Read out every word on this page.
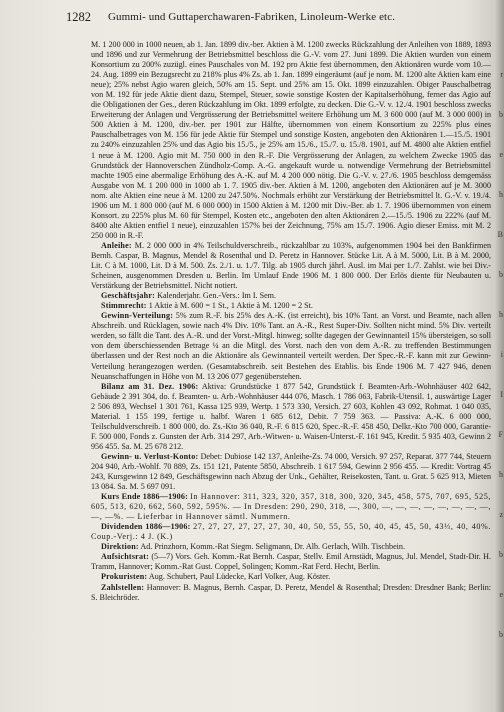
1282 Gummi- und Guttaperchawaren-Fabriken, Linoleum-Werke etc.

M. 1 200 000 in 1000 neuen, ab 1. Jan. 1899 div.-ber. Aktien à M. 1200 zwecks Rückzahlung der Anleihen von 1889, 1893 und 1896 und zur Vermehrung der Betriebsmittel beschloss die G.-V. vom 27. Juni 1899. Die Aktien wurden von einem Konsortium zu 200% zuzügl. eines Pauschales von M. 192 pro Aktie fest übernommen, den Aktionären wurde vom 10.—24. Aug. 1899 ein Bezugsrecht zu 218% plus 4% Zs. ab 1. Jan. 1899 eingeräumt (auf je nom. M. 1200 alte Aktien kam eine neue); 25% nebst Agio waren gleich, 50% am 15. Sept. und 25% am 15. Okt. 1899 einzuzahlen. Obiger Pauschalbetrag von M. 192 für jede Aktie dient dazu, Stempel, Steuer, sowie sonstige Kosten der Kapitalserhöhung, ferner das Agio auf die Obligationen der Ges., deren Rückzahlung im Okt. 1899 erfolgte, zu decken. Die G.-V. v. 12./4. 1901 beschloss zwecks Erweiterung der Anlagen und Vergrösserung der Betriebsmittel weitere Erhöhung um M. 3 600 000 (auf M. 3 000 000) in 500 Aktien à M. 1200, div.-ber. per 1901 zur Hälfte, übernommen von einem Konsortium zu 225% plus eines Pauschalbetrages von M. 156 für jede Aktie für Stempel und sonstige Kosten, angeboten den Aktionären 1.—15./5. 1901 zu 240% einzuzahlen 25% und das Agio bis 15./5., je 25% am 15./6., 15./7. u. 15./8. 1901, auf M. 4800 alte Aktien entfiel 1 neue à M. 1200. Agio mit M. 750 000 in den R.-F. Die Vergrösserung der Anlagen, zu welchem Zwecke 1905 das Grundstück der Hannoverschen Zündholz-Comp. A.-G. angekauft wurde u. notwendige Vermehrung der Betriebsmittel machte 1905 eine abermalige Erhöhung des A.-K. auf M. 4 200 000 nötig. Die G.-V. v. 27./6. 1905 beschloss demgemäss Ausgabe von M. 1 200 000 in 1000 ab 1. 7. 1905 div.-ber. Aktien à M. 1200, angeboten den Aktionären auf je M. 3000 nom. alte Aktien eine neue à M. 1200 zu 247.50%. Nochmals erhöht zur Verstärkung der Betriebsmittel lt. G.-V. v. 19./4. 1906 um M. 1 800 000 (auf M. 6 000 000) in 1500 Aktien à M. 1200 mit Div.-Ber. ab 1. 7. 1906 übernommen von einem Konsort. zu 225% plus M. 60 für Stempel, Kosten etc., angeboten den alten Aktionären 2.—15./5. 1906 zu 222% (auf M. 8400 alte Aktien entfiel 1 neue), einzuzahlen 157% bei der Zeichnung, 75% am 15./7. 1906. Agio dieser Emiss. mit M. 2 250 000 in R.-F.

Anleihe: M. 2 000 000 in 4% Teilschuldverschreib., rückzahlbar zu 103%, aufgenommen 1904 bei den Bankfirmen Bernh. Caspar, B. Magnus, Mendel & Rosenthal und D. Peretz in Hannover. Stücke Lit. A à M. 5000, Lit. B à M. 2000, Lit. C à M. 1000, Lit. D à M. 500. Zs. 2./1. u. 1./7. Tilg. ab 1905 durch jährl. Ausl. im Mai per 1./7. Zahlst. wie bei Div.-Scheinen, ausgenommen Dresden u. Berlin. Im Umlauf Ende 1906 M. 1 800 000. Der Erlös diente für Neubauten u. Verstärkung der Betriebsmittel. Nicht notiert.

Geschäftsjahr: Kalenderjahr. Gen.-Vers.: Im I. Sem.

Stimmrecht: 1 Aktie à M. 600 = 1 St., 1 Aktie à M. 1200 = 2 St.

Gewinn-Verteilung: 5% zum R.-F. bis 25% des A.-K. (ist erreicht), bis 10% Tant. an Vorst. und Beamte, nach allen Abschreib. und Rücklagen, sowie nach 4% Div. 10% Tant. an A.-R., Rest Super-Div. Sollten nicht mind. 5% Div. verteilt werden, so fällt die Tant. des A.-R. und der Vorst.-Mitgl. hinweg; sollte dagegen der Gewinnanteil 15% übersteigen, so soll von dem überschiessenden Betrage ¼ an die Mitgl. des Vorst. nach den von dem A.-R. zu treffenden Bestimmungen überlassen und der Rest noch an die Aktionäre als Gewinnanteil verteilt werden. Der Spec.-R.-F. kann mit zur Gewinn-Verteilung herangezogen werden. (Gesamtabschreib. seit Bestehen des Etablis. bis Ende 1906 M. 7 427 946, denen Neuanschaffungen in Höhe von M. 13 206 077 gegenüberstehen.

Bilanz am 31. Dez. 1906: Aktiva: Grundstücke 1 877 542, Grundstück f. Beamten-Arb.-Wohnhäuser 402 642, Gebäude 2 391 304, do. f. Beamten- u. Arb.-Wohnhäuser 444 076, Masch. 1 786 063, Fabrik-Utensil. 1, auswärtige Lager 2 506 893, Wechsel 1 301 761, Kassa 125 939, Wertp. 1 573 330, Versich. 27 603, Kohlen 43 092, Rohmat. 1 040 035, Material. 1 155 199, fertige u. halbf. Waren 1 685 612, Debit. 7 759 363. — Passiva: A.-K. 6 000 000, Teilschuldverschreib. 1 800 000, do. Zs.-Kto 36 040, R.-F. 6 815 620, Spec.-R.-F. 458 450, Delkr.-Kto 700 000, Garantie-F. 500 000, Fonds z. Gunsten der Arb. 314 297, Arb.-Witwen- u. Waisen-Unterst.-F. 161 945, Kredit. 5 935 403, Gewinn 2 956 455. Sa. M. 25 678 212.

Gewinn- u. Verlust-Konto: Debet: Dubiose 142 137, Anleihe-Zs. 74 000, Versich. 97 257, Reparat. 377 744, Steuern 204 940, Arb.-Wohlf. 70 889, Zs. 151 121, Patente 5850, Abschreib. 1 617 594, Gewinn 2 956 455. — Kredit: Vortrag 45 243, Kursgewinn 12 849, Geschäftsgewinn nach Abzug der Unk., Gehälter, Reisekosten, Tant. u. Grat. 5 625 913, Mieten 13 084. Sa. M. 5 697 091.

Kurs Ende 1886—1906: In Hannover: 311, 323, 320, 357, 318, 300, 320, 345, 458, 575, 707, 695, 525, 605, 513, 620, 662, 560, 592, 595%. — In Dresden: 290, 290, 318, —, 300, —, —, —, —, —, —, —, —, —, —%. — Lieferbar in Hannover sämtl. Nummern.

Dividenden 1886—1906: 27, 27, 27, 27, 27, 27, 30, 40, 50, 55, 55, 50, 40, 45, 45, 50, 43⅓, 40, 40%. Coup.-Verj.: 4 J. (K.)

Direktion: Ad. Prinzhorn, Komm.-Rat Siegm. Seligmann, Dr. Alb. Gerlach, Wilh. Tischbein.

Aufsichtsrat: (5—7) Vors. Geh. Komm.-Rat Bernh. Caspar, Stellv. Emil Arnstädt, Magnus, Jul. Mendel, Stadt-Dir. H. Tramm, Hannover; Komm.-Rat Gust. Coppel, Solingen; Komm.-Rat Ferd. Hecht, Berlin.

Prokuristen: Aug. Schubert, Paul Lüdecke, Karl Volker, Aug. Köster.

Zahlstellen: Hannover: B. Magnus, Bernh. Caspar, D. Peretz, Mendel & Rosenthal; Dresden: Dresdner Bank; Berlin: S. Bleichröder.

r
b
e
h
B
b
h
i
I
F
h
z
b
e
b
